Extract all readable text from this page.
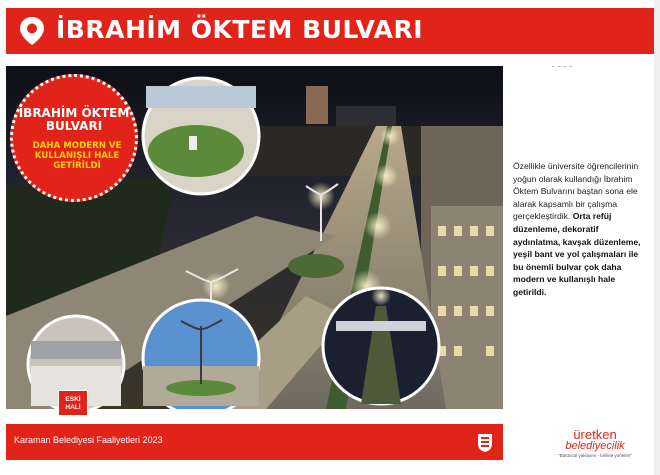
İBRAHİM ÖKTEM BULVARI
İBRAHİM ÖKTEM
BULVARI
DAHA MODERN VE
KULLANIŞLI HALE
GETİRİLDİ
ESKİ
HALİ
Özellikle üniversite öğrencilerinin yoğun olarak kullandığı İbrahim Öktem Bulvarını baştan sona ele alarak kapsamlı bir çalışma gerçekleştirdik. Orta refüj düzenleme, dekoratif aydınlatma, kavşak düzenleme, yeşil bant ve yol çalışmaları ile bu önemli bulvar çok daha modern ve kullanışlı hale getirildi.
Karaman Belediyesi Faaliyetleri 2023	üretken
belediyecilik
"Bütüncül yaklaşım - birlikte yönetim"
